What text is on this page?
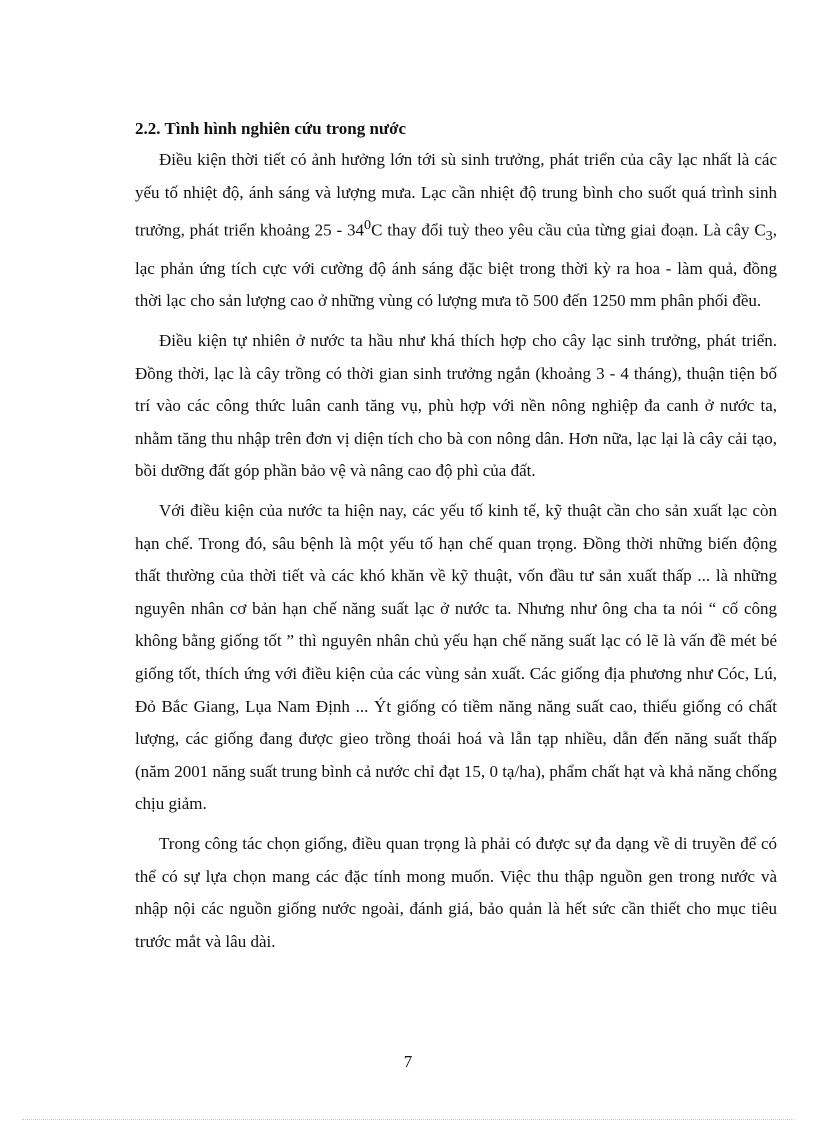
2.2. Tình hình nghiên cứu trong nước

Điều kiện thời tiết có ảnh hưởng lớn tới sù sinh trưởng, phát triển của cây lạc nhất là các yếu tố nhiệt độ, ánh sáng và lượng mưa. Lạc cần nhiệt độ trung bình cho suốt quá trình sinh trưởng, phát triển khoảng $25 - 34^0C$ thay đổi tuỳ theo yêu cầu của từng giai đoạn. Là cây $C_3$, lạc phản ứng tích cực với cường độ ánh sáng đặc biệt trong thời kỳ ra hoa - làm quả, đồng thời lạc cho sản lượng cao ở những vùng có lượng mưa tõ 500 đến 1250 mm phân phối đều.

Điều kiện tự nhiên ở nước ta hầu như khá thích hợp cho cây lạc sinh trưởng, phát triển. Đồng thời, lạc là cây trồng có thời gian sinh trưởng ngắn (khoảng 3 - 4 tháng), thuận tiện bố trí vào các công thức luân canh tăng vụ, phù hợp với nền nông nghiệp đa canh ở nước ta, nhằm tăng thu nhập trên đơn vị diện tích cho bà con nông dân. Hơn nữa, lạc lại là cây cải tạo, bồi dưỡng đất góp phần bảo vệ và nâng cao độ phì của đất.

Với điều kiện của nước ta hiện nay, các yếu tố kinh tế, kỹ thuật cần cho sản xuất lạc còn hạn chế. Trong đó, sâu bệnh là một yếu tố hạn chế quan trọng. Đồng thời những biến động thất thường của thời tiết và các khó khăn về kỹ thuật, vốn đầu tư sản xuất thấp ... là những nguyên nhân cơ bản hạn chế năng suất lạc ở nước ta. Nhưng như ông cha ta nói “ cố công không bằng giống tốt ” thì nguyên nhân chủ yếu hạn chế năng suất lạc có lẽ là vấn đề mét bé giống tốt, thích ứng với điều kiện của các vùng sản xuất. Các giống địa phương như Cóc, Lú, Đỏ Bắc Giang, Lụa Nam Định ... Ýt giống có tiềm năng năng suất cao, thiếu giống có chất lượng, các giống đang được gieo trồng thoái hoá và lẫn tạp nhiều, dẫn đến năng suất thấp (năm 2001 năng suất trung bình cả nước chỉ đạt 15, 0 tạ/ha), phẩm chất hạt và khả năng chống chịu giảm.

Trong công tác chọn giống, điều quan trọng là phải có được sự đa dạng về di truyền để có thể có sự lựa chọn mang các đặc tính mong muốn. Việc thu thập nguồn gen trong nước và nhập nội các nguồn giống nước ngoài, đánh giá, bảo quản là hết sức cần thiết cho mục tiêu trước mắt và lâu dài.

7
